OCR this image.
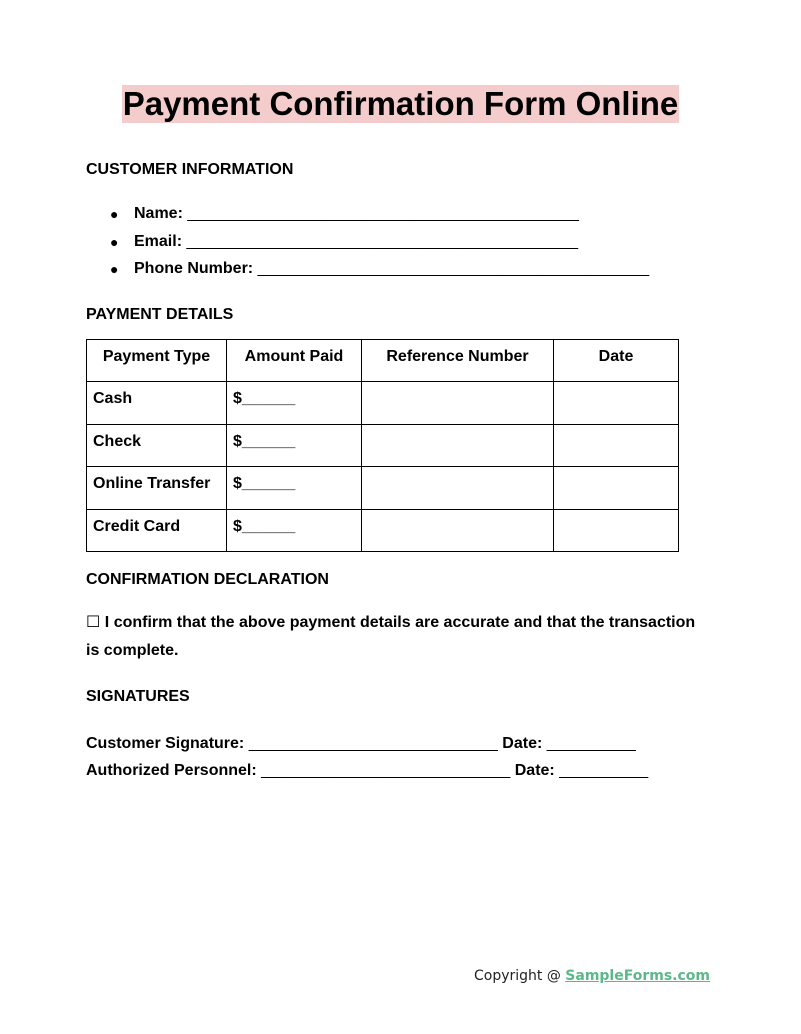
Payment Confirmation Form Online
CUSTOMER INFORMATION
● Name: ____________________________________________
● Email: ____________________________________________
● Phone Number: ____________________________________________
PAYMENT DETAILS
Payment Type	Amount Paid	Reference Number	Date
Cash	$______		
Check	$______		
Online Transfer	$______		
Credit Card	$______		
CONFIRMATION DECLARATION
☐ I confirm that the above payment details are accurate and that the transaction is complete.
SIGNATURES
Customer Signature: ____________________________ Date: __________
Authorized Personnel: ____________________________ Date: __________
Copyright @ SampleForms.com
